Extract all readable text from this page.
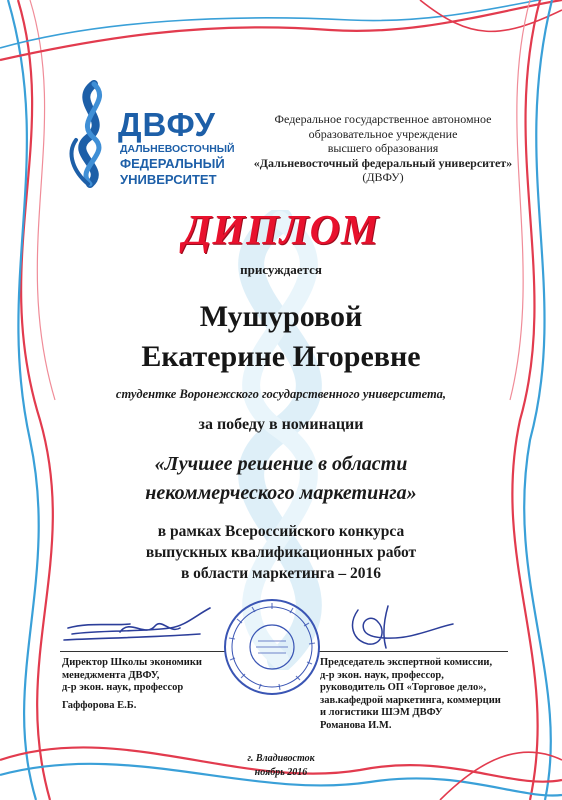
ДВФУ
ДАЛЬНЕВОСТОЧНЫЙ
ФЕДЕРАЛЬНЫЙ
УНИВЕРСИТЕТ
Федеральное государственное автономное
образовательное учреждение
высшего образования
«Дальневосточный федеральный университет»
(ДВФУ)
ДИПЛОМ
присуждается
Мушуровой
Екатерине Игоревне
студентке Воронежского государственного университета,
за победу в номинации
«Лучшее решение в области
некоммерческого маркетинга»
в рамках Всероссийского конкурса
выпускных квалификационных работ
в области маркетинга – 2016
Директор Школы экономики
менеджмента ДВФУ,
д-р экон. наук, профессор
Гаффорова Е.Б.
Председатель экспертной комиссии,
д-р экон. наук, профессор,
руководитель ОП «Торговое дело»,
зав.кафедрой маркетинга, коммерции
и логистики ШЭМ ДВФУ
Романова И.М.
г. Владивосток
ноябрь 2016
